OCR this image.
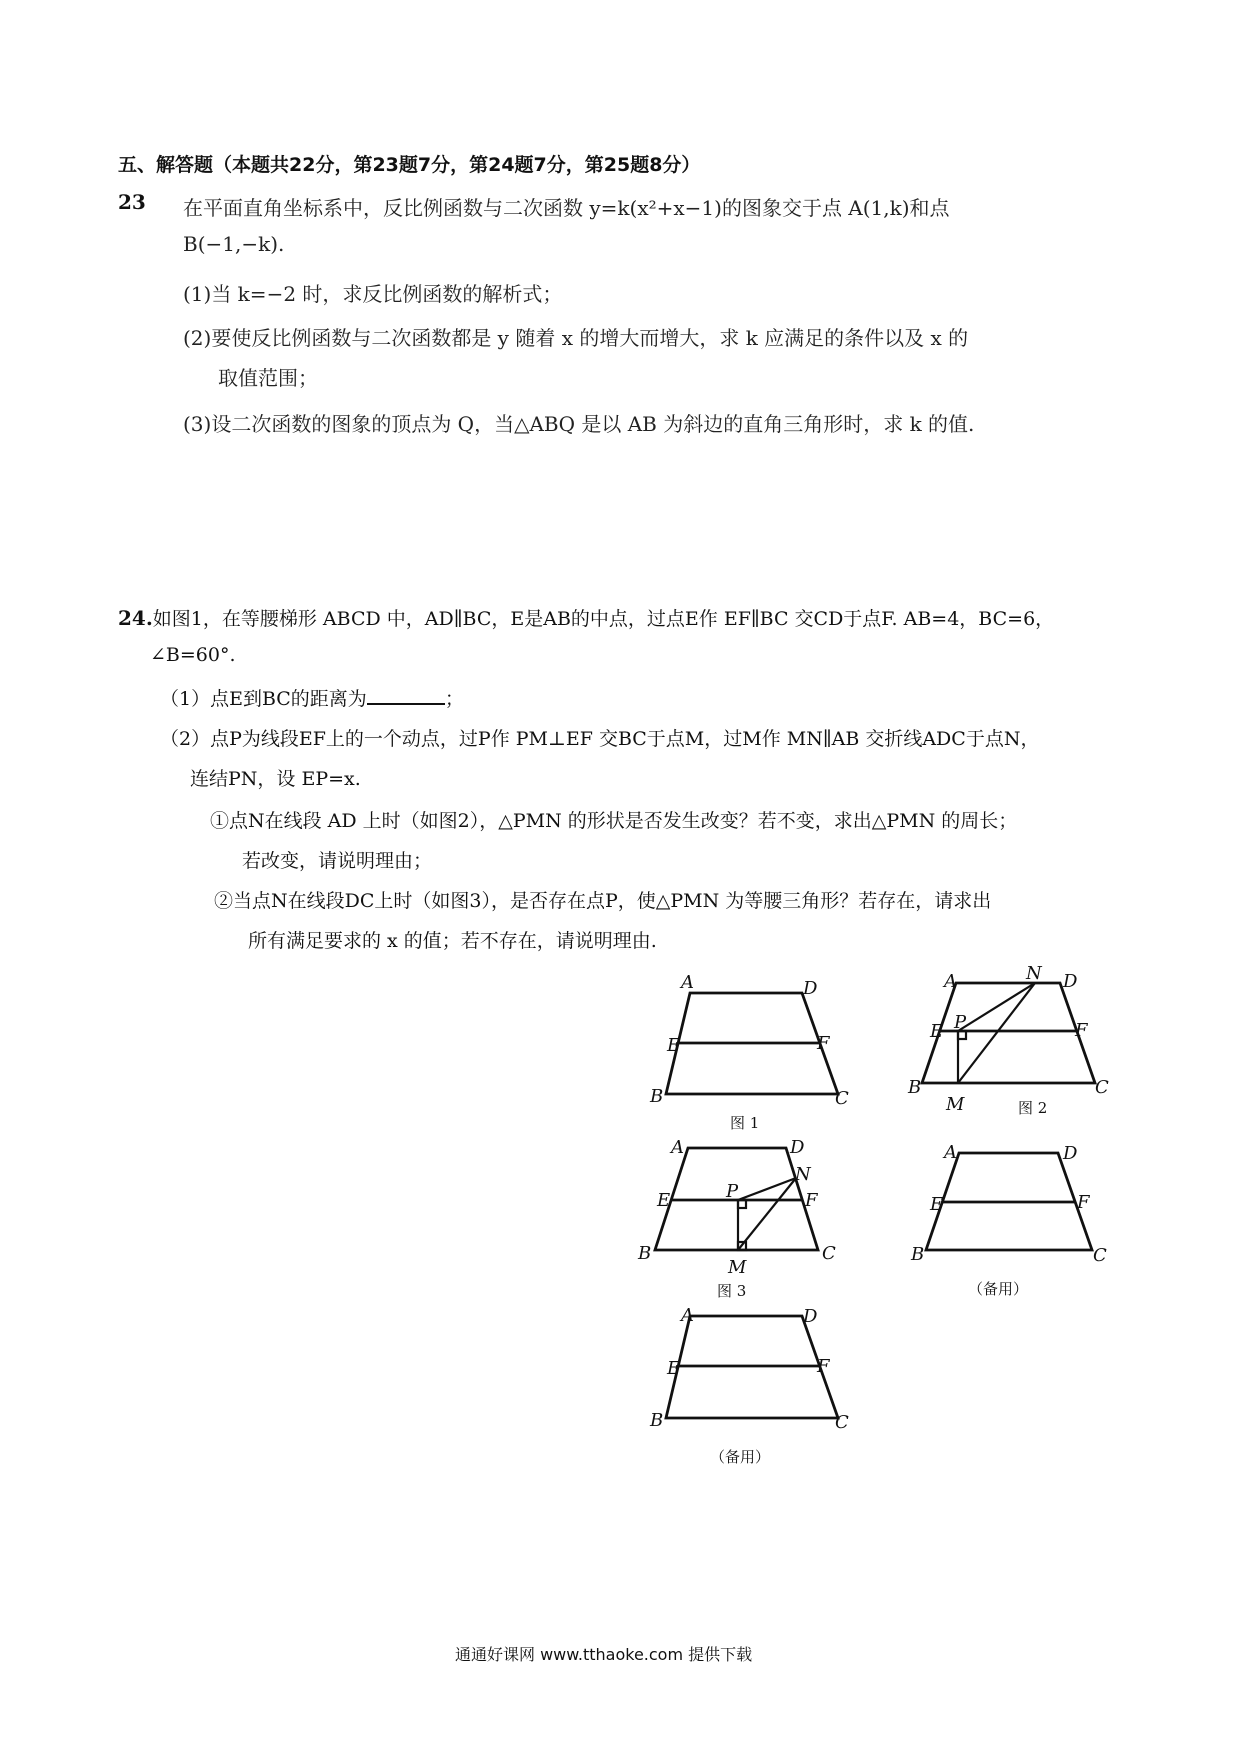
五、解答题（本题共22分，第23题7分，第24题7分，第25题8分）
23 在平面直角坐标系中，反比例函数与二次函数 y=k(x²+x−1)的图象交于点 A(1,k)和点
B(−1,−k).
(1)当 k=−2 时，求反比例函数的解析式；
(2)要使反比例函数与二次函数都是 y 随着 x 的增大而增大，求 k 应满足的条件以及 x 的
取值范围；
(3)设二次函数的图象的顶点为 Q，当△ABQ 是以 AB 为斜边的直角三角形时，求 k 的值.
24.如图1，在等腰梯形 ABCD 中，AD∥BC，E是AB的中点，过点E作 EF∥BC 交CD于点F. AB=4，BC=6，
∠B=60°.
（1）点E到BC的距离为	；
（2）点P为线段EF上的一个动点，过P作 PM⊥EF 交BC于点M，过M作 MN∥AB 交折线ADC于点N，
连结PN，设 EP=x.
①点N在线段 AD 上时（如图2），△PMN 的形状是否发生改变？若不变，求出△PMN 的周长；
若改变，请说明理由；
②当点N在线段DC上时（如图3），是否存在点P，使△PMN 为等腰三角形？若存在，请求出
所有满足要求的 x 的值；若不存在，请说明理由.
A	D
E	F
B	C
图 1
A	N D
E P	F
B
M
C
图 2
A	D
N
E	P	F
B
M
C
图 3
A	D
E	F
B	C
（备用）
A	D
E	F
B	C
（备用）
通通好课网 www.tthaoke.com 提供下载
